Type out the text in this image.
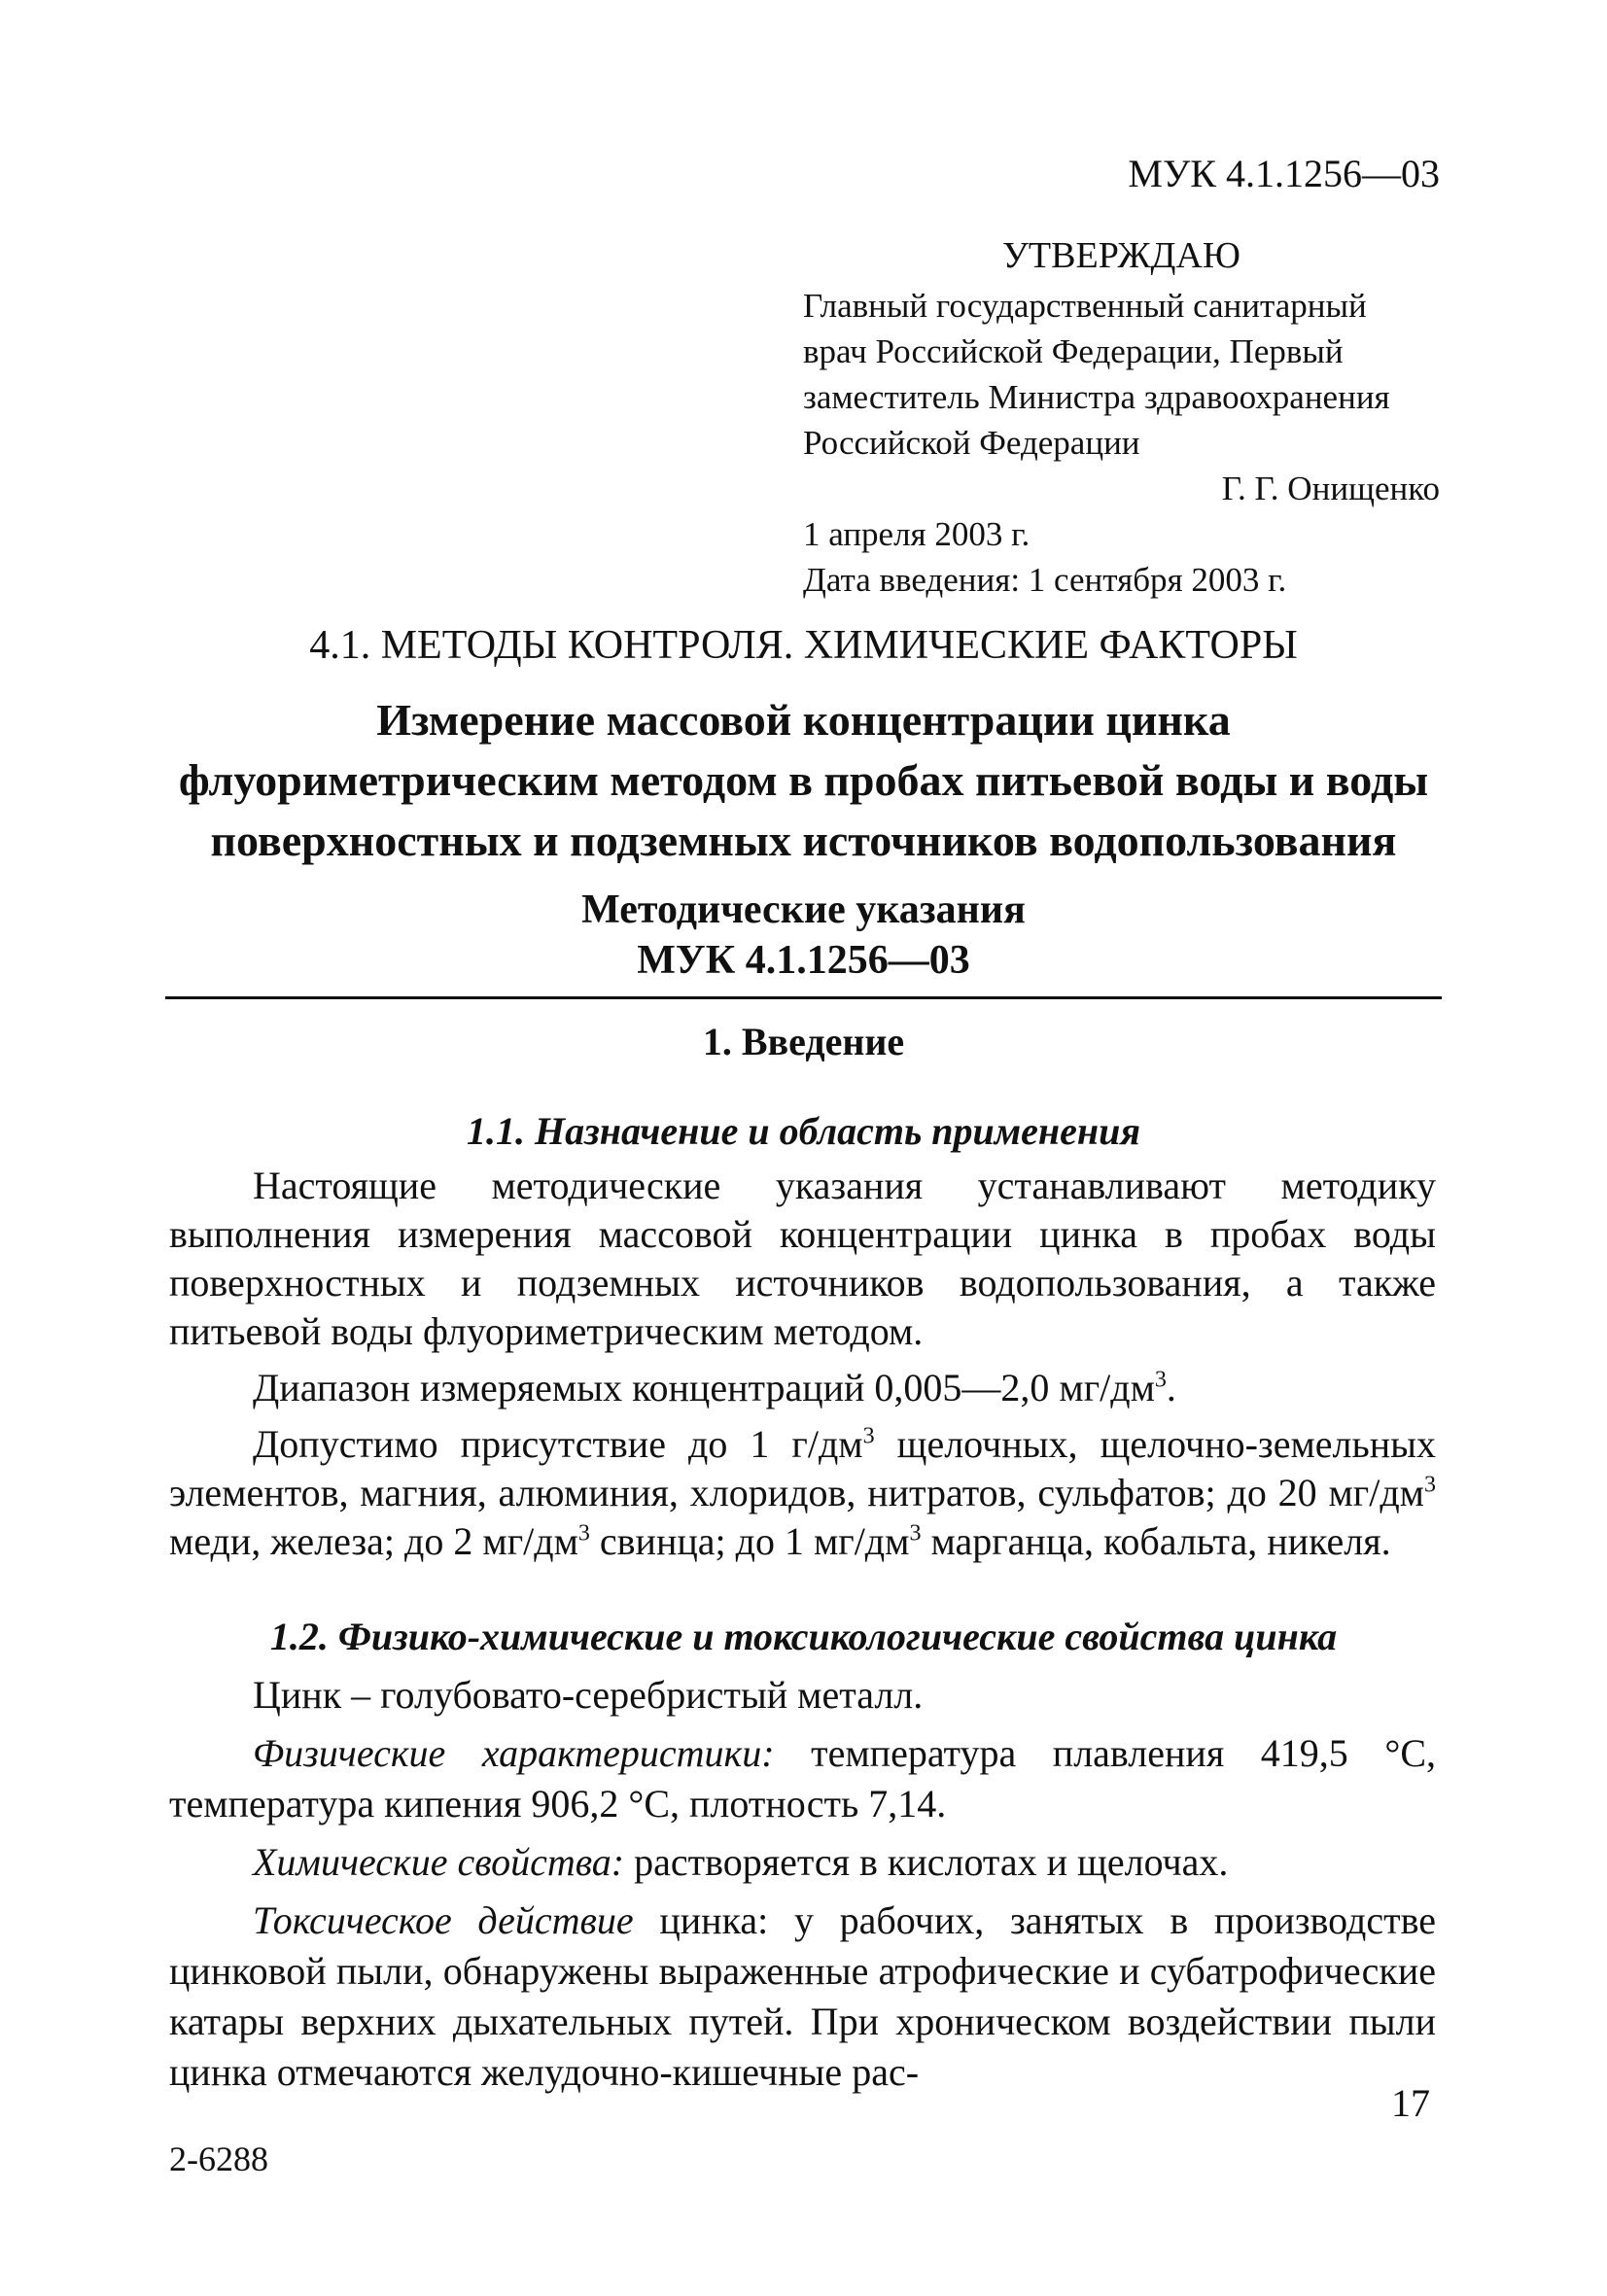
МУК 4.1.1256—03
УТВЕРЖДАЮ
Главный государственный санитарный
врач Российской Федерации, Первый
заместитель Министра здравоохранения
Российской Федерации
Г. Г. Онищенко
1 апреля 2003 г.
Дата введения: 1 сентября 2003 г.
4.1. МЕТОДЫ КОНТРОЛЯ. ХИМИЧЕСКИЕ ФАКТОРЫ
Измерение массовой концентрации цинка
флуориметрическим методом в пробах питьевой воды и воды
поверхностных и подземных источников водопользования
Методические указания
МУК 4.1.1256—03
1. Введение
1.1. Назначение и область применения

Настоящие методические указания устанавливают методику выполнения измерения массовой концентрации цинка в пробах воды поверхностных и подземных источников водопользования, а также питьевой воды флуориметрическим методом.

Диапазон измеряемых концентраций 0,005—2,0 $мг/дм^3$.

Допустимо присутствие до 1 $г/дм^3$ щелочных, щелочно-земельных элементов, магния, алюминия, хлоридов, нитратов, сульфатов; до 20 $мг/дм^3$ меди, железа; до 2 $мг/дм^3$ свинца; до 1 $мг/дм^3$ марганца, кобальта, никеля.

1.2. Физико-химические и токсикологические свойства цинка

Цинк – голубовато-серебристый металл.

Физические характеристики: температура плавления 419,5 °С, температура кипения 906,2 °С, плотность 7,14.

Химические свойства: растворяется в кислотах и щелочах.

Токсическое действие цинка: у рабочих, занятых в производстве цинковой пыли, обнаружены выраженные атрофические и субатрофические катары верхних дыхательных путей. При хроническом воздействии пыли цинка отмечаются желудочно-кишечные рас-

17
2-6288
